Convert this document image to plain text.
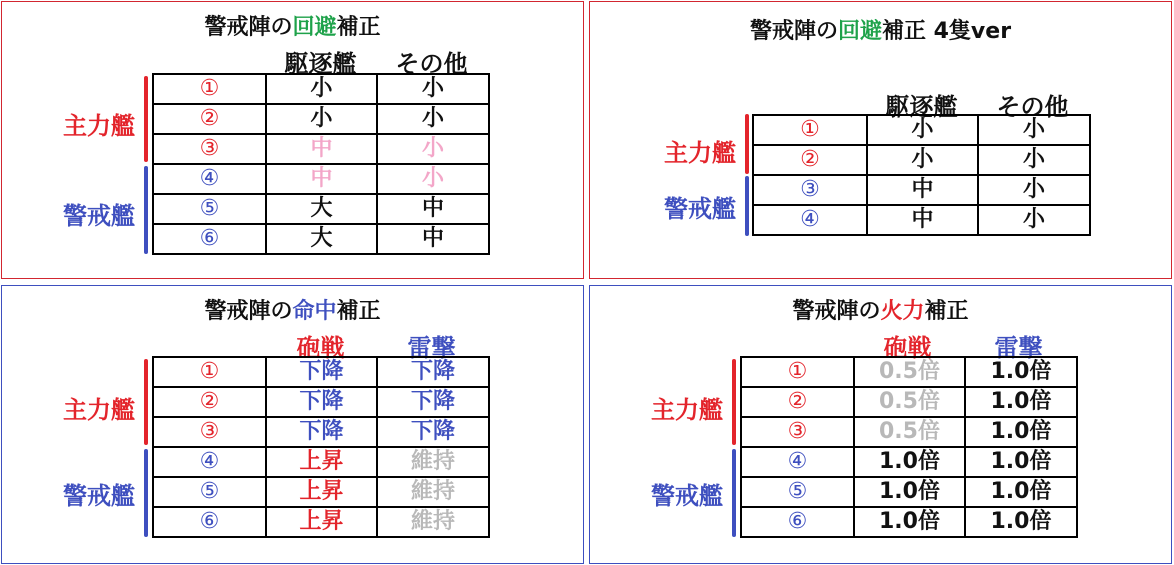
警戒陣の回避補正
駆逐艦	その他
主力艦
警戒艦
①	小	小
②	小	小
③	中	小
④	中	小
⑤	大	中
⑥	大	中
警戒陣の回避補正 4隻ver
駆逐艦	その他
主力艦
警戒艦
①	小	小
②	小	小
③	中	小
④	中	小
警戒陣の命中補正
砲戦	雷撃
主力艦
警戒艦
①	下降	下降
②	下降	下降
③	下降	下降
④	上昇	維持
⑤	上昇	維持
⑥	上昇	維持
警戒陣の火力補正
砲戦	雷撃
主力艦
警戒艦
①	0.5倍	1.0倍
②	0.5倍	1.0倍
③	0.5倍	1.0倍
④	1.0倍	1.0倍
⑤	1.0倍	1.0倍
⑥	1.0倍	1.0倍
